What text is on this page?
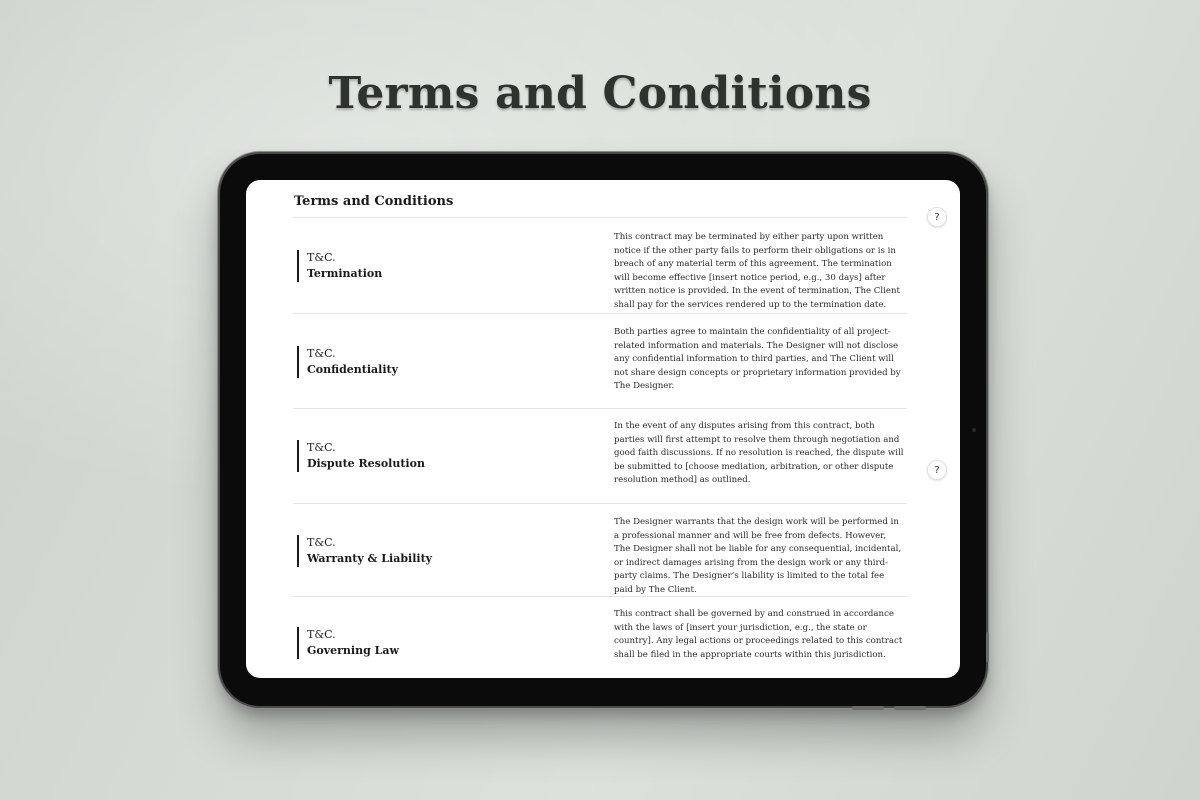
Terms and Conditions
Terms and Conditions
?
?
T&C.
Termination

This contract may be terminated by either party upon written notice if the other party fails to perform their obligations or is in breach of any material term of this agreement. The termination will become effective [insert notice period, e.g., 30 days] after written notice is provided. In the event of termination, The Client shall pay for the services rendered up to the termination date.

T&C.
Confidentiality

Both parties agree to maintain the confidentiality of all project-related information and materials. The Designer will not disclose any confidential information to third parties, and The Client will not share design concepts or proprietary information provided by The Designer.

T&C.
Dispute Resolution

In the event of any disputes arising from this contract, both parties will first attempt to resolve them through negotiation and good faith discussions. If no resolution is reached, the dispute will be submitted to [choose mediation, arbitration, or other dispute resolution method] as outlined.

T&C.
Warranty & Liability

The Designer warrants that the design work will be performed in a professional manner and will be free from defects. However, The Designer shall not be liable for any consequential, incidental, or indirect damages arising from the design work or any third-party claims. The Designer’s liability is limited to the total fee paid by The Client.

T&C.
Governing Law

This contract shall be governed by and construed in accordance with the laws of [insert your jurisdiction, e.g., the state or country]. Any legal actions or proceedings related to this contract shall be filed in the appropriate courts within this jurisdiction.
